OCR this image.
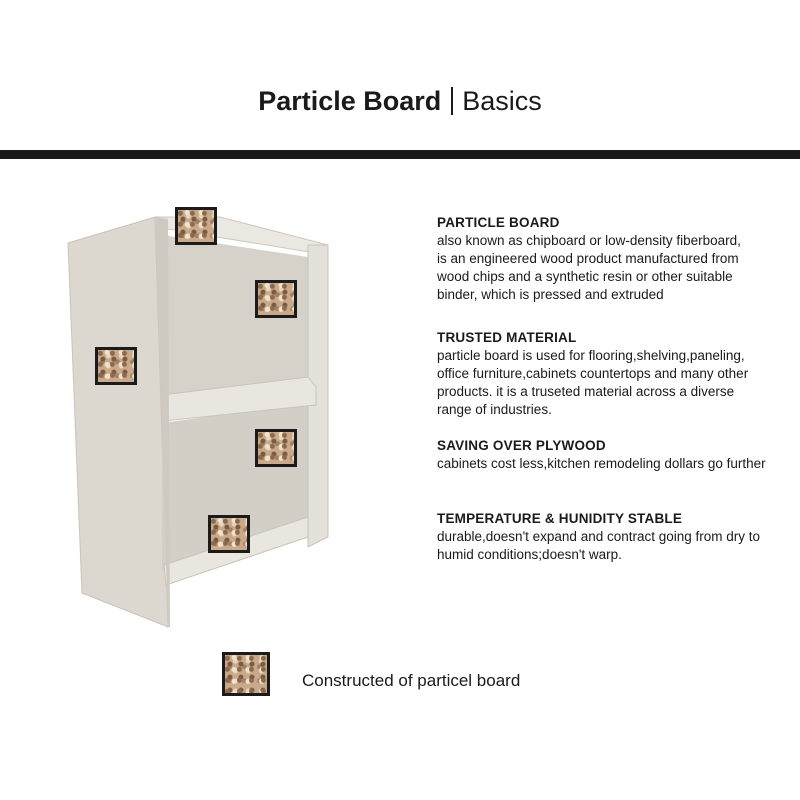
Particle Board Basics
PARTICLE BOARD

also known as chipboard or low-density fiberboard,
is an engineered wood product manufactured from
wood chips and a synthetic resin or other suitable
binder, which is pressed and extruded

TRUSTED MATERIAL

particle board is used for flooring,shelving,paneling,
office furniture,cabinets countertops and many other
products. it is a truseted material across a diverse
range of industries.

SAVING OVER PLYWOOD

cabinets cost less,kitchen remodeling dollars go further

TEMPERATURE & HUNIDITY STABLE

durable,doesn't expand and contract going from dry to
humid conditions;doesn't warp.

Constructed of particel board
